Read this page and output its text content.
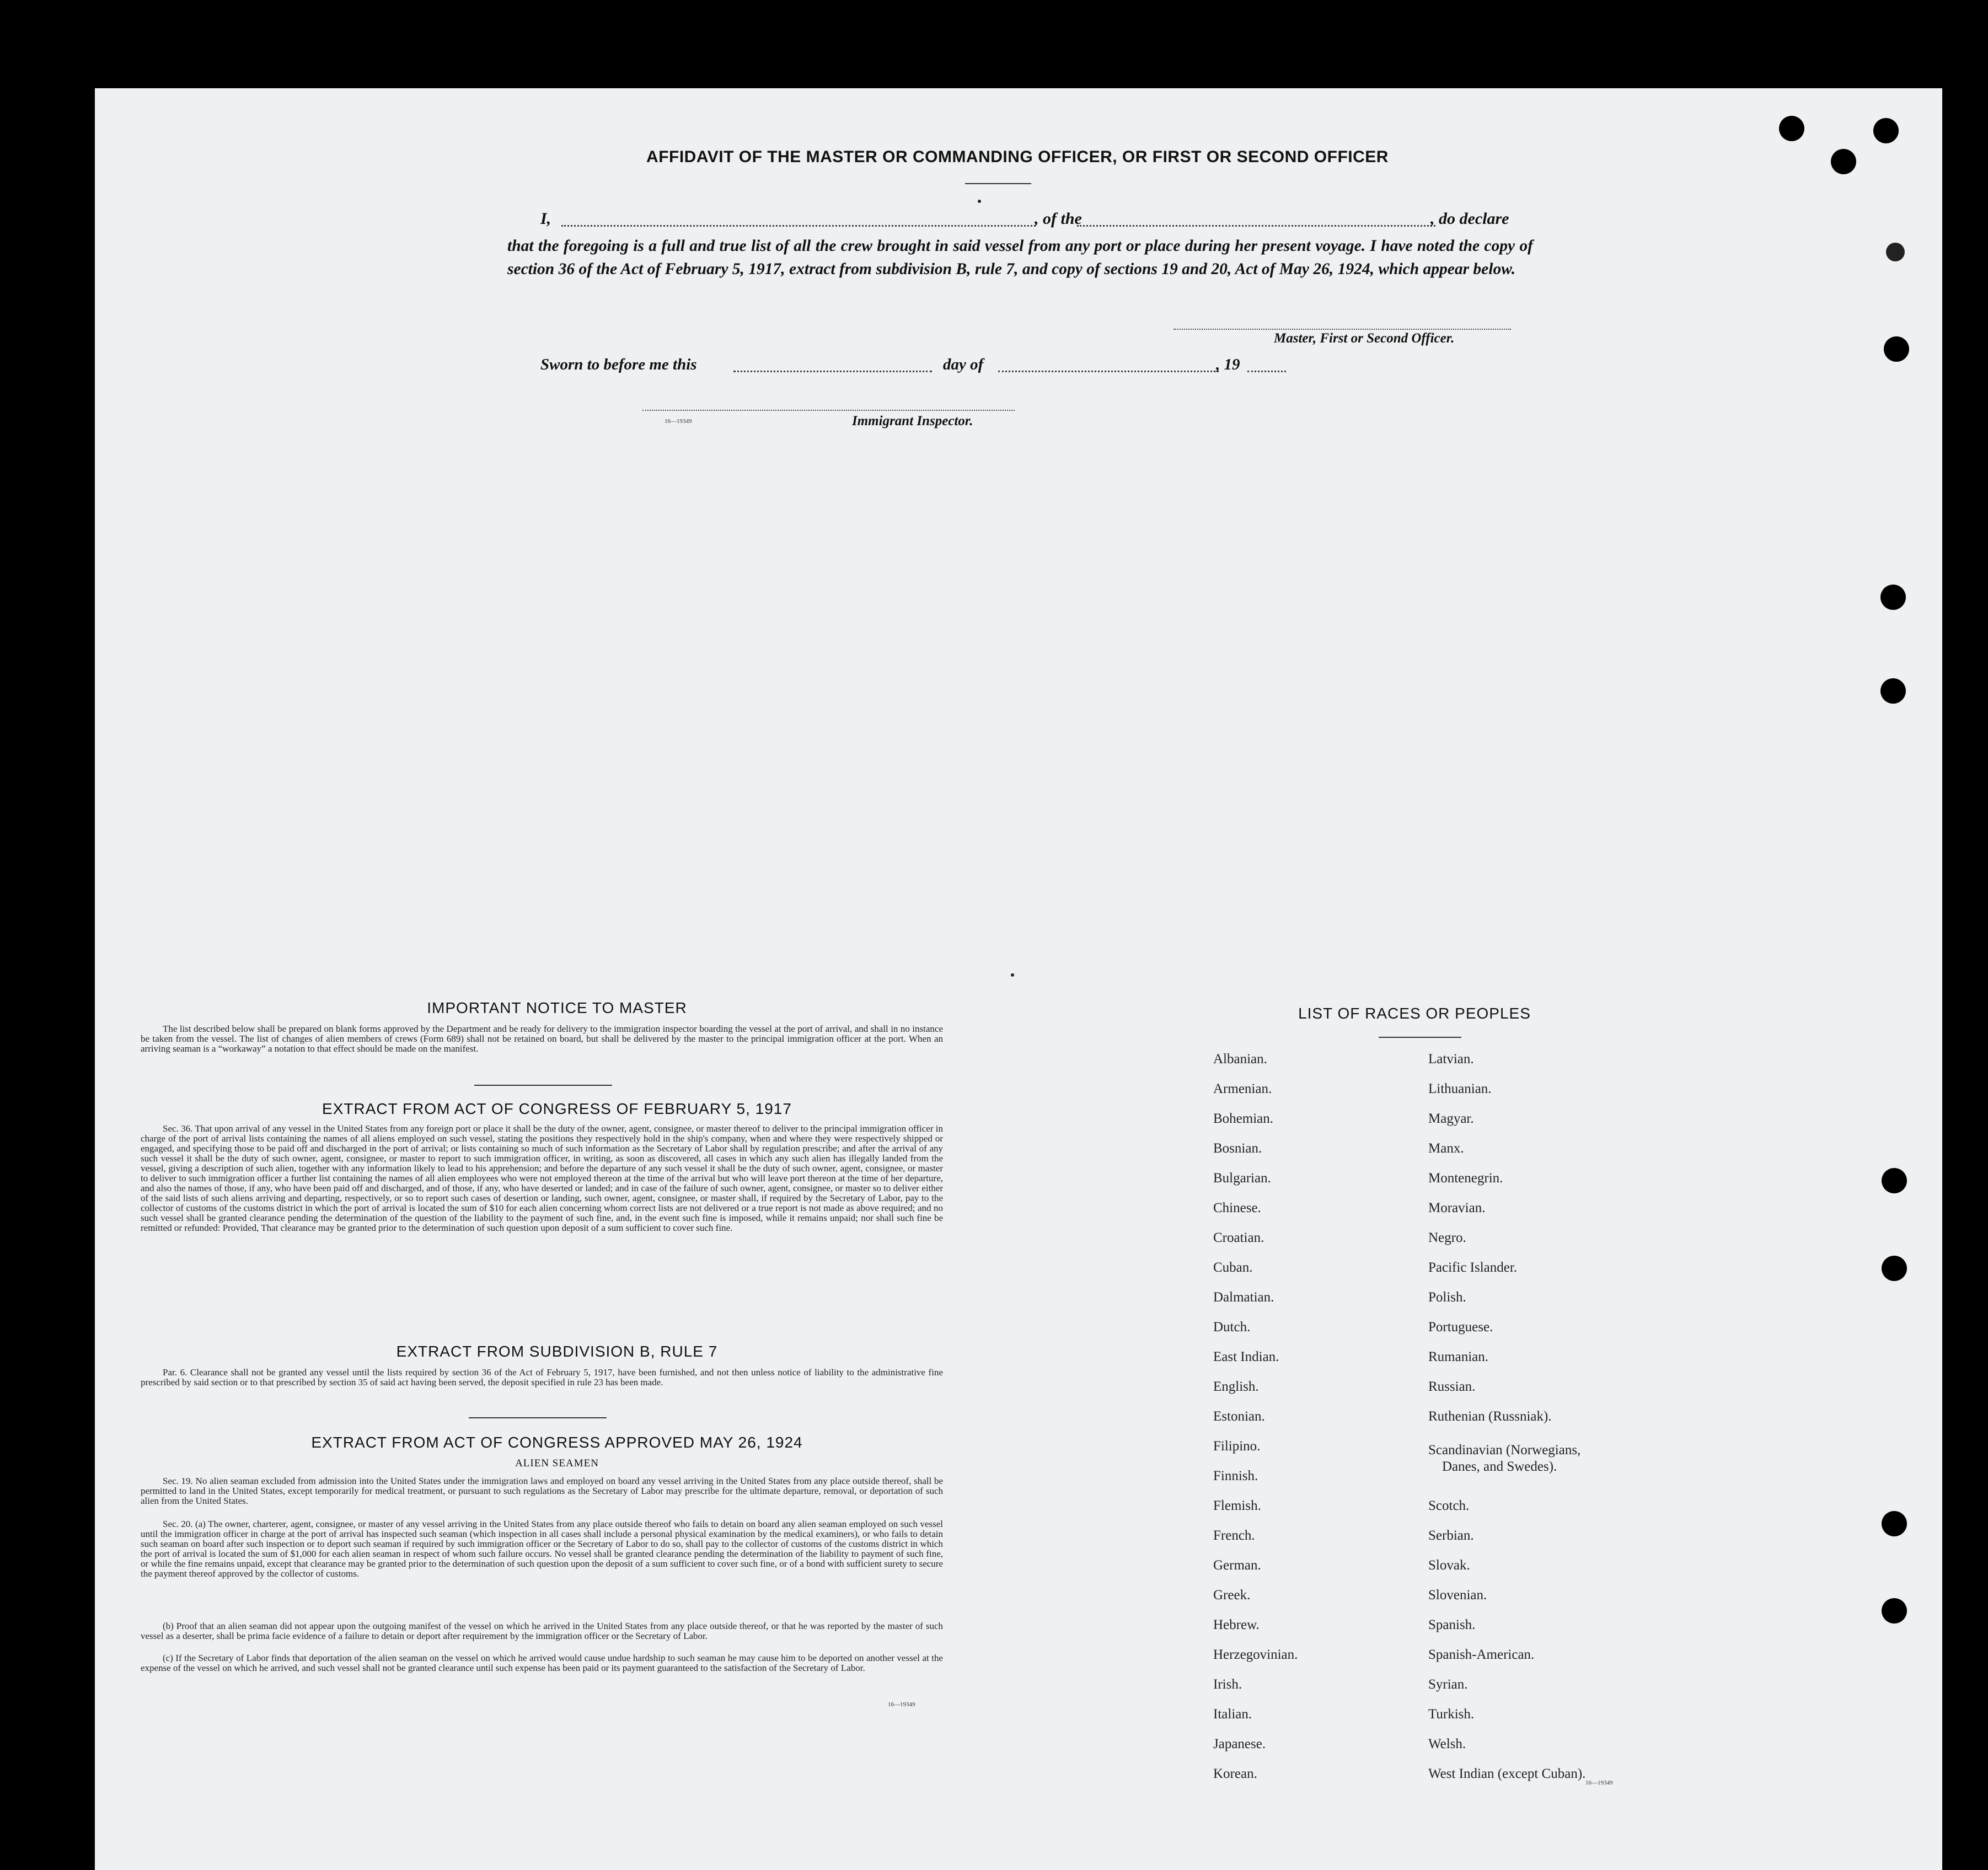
AFFIDAVIT OF THE MASTER OR COMMANDING OFFICER, OR FIRST OR SECOND OFFICER
I,	, of the	, do declare
that the foregoing is a full and true list of all the crew brought in said vessel from any port or place during her present voyage. I have noted the copy of section 36 of the Act of February 5, 1917, extract from subdivision B, rule 7, and copy of sections 19 and 20, Act of May 26, 1924, which appear below.
Master, First or Second Officer.
Sworn to before me this	day of	, 19
16—19349	Immigrant Inspector.
IMPORTANT NOTICE TO MASTER
The list described below shall be prepared on blank forms approved by the Department and be ready for delivery to the immigration inspector boarding the vessel at the port of arrival, and shall in no instance be taken from the vessel. The list of changes of alien members of crews (Form 689) shall not be retained on board, but shall be delivered by the master to the principal immigration officer at the port. When an arriving seaman is a “workaway” a notation to that effect should be made on the manifest.
EXTRACT FROM ACT OF CONGRESS OF FEBRUARY 5, 1917
Sec. 36. That upon arrival of any vessel in the United States from any foreign port or place it shall be the duty of the owner, agent, consignee, or master thereof to deliver to the principal immigration officer in charge of the port of arrival lists containing the names of all aliens employed on such vessel, stating the positions they respectively hold in the ship's company, when and where they were respectively shipped or engaged, and specifying those to be paid off and discharged in the port of arrival; or lists containing so much of such information as the Secretary of Labor shall by regulation prescribe; and after the arrival of any such vessel it shall be the duty of such owner, agent, consignee, or master to report to such immigration officer, in writing, as soon as discovered, all cases in which any such alien has illegally landed from the vessel, giving a description of such alien, together with any information likely to lead to his apprehension; and before the departure of any such vessel it shall be the duty of such owner, agent, consignee, or master to deliver to such immigration officer a further list containing the names of all alien employees who were not employed thereon at the time of the arrival but who will leave port thereon at the time of her departure, and also the names of those, if any, who have been paid off and discharged, and of those, if any, who have deserted or landed; and in case of the failure of such owner, agent, consignee, or master so to deliver either of the said lists of such aliens arriving and departing, respectively, or so to report such cases of desertion or landing, such owner, agent, consignee, or master shall, if required by the Secretary of Labor, pay to the collector of customs of the customs district in which the port of arrival is located the sum of $10 for each alien concerning whom correct lists are not delivered or a true report is not made as above required; and no such vessel shall be granted clearance pending the determination of the question of the liability to the payment of such fine, and, in the event such fine is imposed, while it remains unpaid; nor shall such fine be remitted or refunded: Provided, That clearance may be granted prior to the determination of such question upon deposit of a sum sufficient to cover such fine.
EXTRACT FROM SUBDIVISION B, RULE 7
Par. 6. Clearance shall not be granted any vessel until the lists required by section 36 of the Act of February 5, 1917, have been furnished, and not then unless notice of liability to the administrative fine prescribed by said section or to that prescribed by section 35 of said act having been served, the deposit specified in rule 23 has been made.
EXTRACT FROM ACT OF CONGRESS APPROVED MAY 26, 1924
ALIEN SEAMEN
Sec. 19. No alien seaman excluded from admission into the United States under the immigration laws and employed on board any vessel arriving in the United States from any place outside thereof, shall be permitted to land in the United States, except temporarily for medical treatment, or pursuant to such regulations as the Secretary of Labor may prescribe for the ultimate departure, removal, or deportation of such alien from the United States.
Sec. 20. (a) The owner, charterer, agent, consignee, or master of any vessel arriving in the United States from any place outside thereof who fails to detain on board any alien seaman employed on such vessel until the immigration officer in charge at the port of arrival has inspected such seaman (which inspection in all cases shall include a personal physical examination by the medical examiners), or who fails to detain such seaman on board after such inspection or to deport such seaman if required by such immigration officer or the Secretary of Labor to do so, shall pay to the collector of customs of the customs district in which the port of arrival is located the sum of $1,000 for each alien seaman in respect of whom such failure occurs. No vessel shall be granted clearance pending the determination of the liability to payment of such fine, or while the fine remains unpaid, except that clearance may be granted prior to the determination of such question upon the deposit of a sum sufficient to cover such fine, or of a bond with sufficient surety to secure the payment thereof approved by the collector of customs.
(b) Proof that an alien seaman did not appear upon the outgoing manifest of the vessel on which he arrived in the United States from any place outside thereof, or that he was reported by the master of such vessel as a deserter, shall be prima facie evidence of a failure to detain or deport after requirement by the immigration officer or the Secretary of Labor.
(c) If the Secretary of Labor finds that deportation of the alien seaman on the vessel on which he arrived would cause undue hardship to such seaman he may cause him to be deported on another vessel at the expense of the vessel on which he arrived, and such vessel shall not be granted clearance until such expense has been paid or its payment guaranteed to the satisfaction of the Secretary of Labor.
16—19349
LIST OF RACES OR PEOPLES
Albanian.
Armenian.
Bohemian.
Bosnian.
Bulgarian.
Chinese.
Croatian.
Cuban.
Dalmatian.
Dutch.
East Indian.
English.
Estonian.
Filipino.
Finnish.
Flemish.
French.
German.
Greek.
Hebrew.
Herzegovinian.
Irish.
Italian.
Japanese.
Korean.
Latvian.
Lithuanian.
Magyar.
Manx.
Montenegrin.
Moravian.
Negro.
Pacific Islander.
Polish.
Portuguese.
Rumanian.
Russian.
Ruthenian (Russniak).
Scandinavian (Norwegians,
Danes, and Swedes).
Scotch.
Serbian.
Slovak.
Slovenian.
Spanish.
Spanish-American.
Syrian.
Turkish.
Welsh.
West Indian (except Cuban).
16—19349
